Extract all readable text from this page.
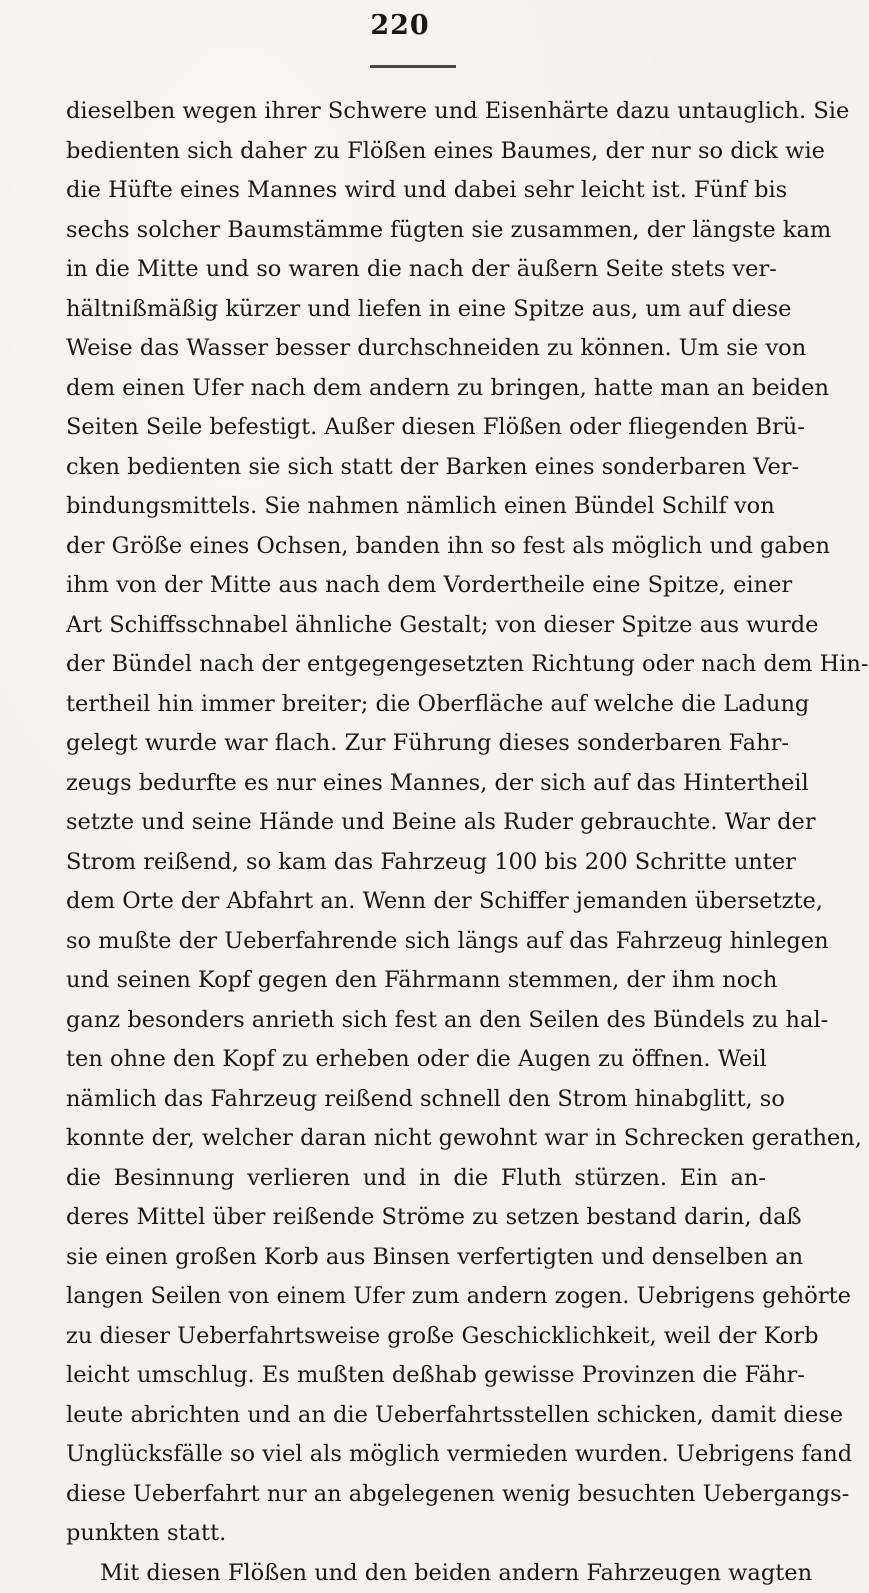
220
dieselben wegen ihrer Schwere und Eisenhärte dazu untauglich. Sie
bedienten sich daher zu Flößen eines Baumes, der nur so dick wie
die Hüfte eines Mannes wird und dabei sehr leicht ist. Fünf bis
sechs solcher Baumstämme fügten sie zusammen, der längste kam
in die Mitte und so waren die nach der äußern Seite stets ver-
hältnißmäßig kürzer und liefen in eine Spitze aus, um auf diese
Weise das Wasser besser durchschneiden zu können. Um sie von
dem einen Ufer nach dem andern zu bringen, hatte man an beiden
Seiten Seile befestigt. Außer diesen Flößen oder fliegenden Brü-
cken bedienten sie sich statt der Barken eines sonderbaren Ver-
bindungsmittels. Sie nahmen nämlich einen Bündel Schilf von
der Größe eines Ochsen, banden ihn so fest als möglich und gaben
ihm von der Mitte aus nach dem Vordertheile eine Spitze, einer
Art Schiffsschnabel ähnliche Gestalt; von dieser Spitze aus wurde
der Bündel nach der entgegengesetzten Richtung oder nach dem Hin-
tertheil hin immer breiter; die Oberfläche auf welche die Ladung
gelegt wurde war flach. Zur Führung dieses sonderbaren Fahr-
zeugs bedurfte es nur eines Mannes, der sich auf das Hintertheil
setzte und seine Hände und Beine als Ruder gebrauchte. War der
Strom reißend, so kam das Fahrzeug 100 bis 200 Schritte unter
dem Orte der Abfahrt an. Wenn der Schiffer jemanden übersetzte,
so mußte der Ueberfahrende sich längs auf das Fahrzeug hinlegen
und seinen Kopf gegen den Fährmann stemmen, der ihm noch
ganz besonders anrieth sich fest an den Seilen des Bündels zu hal-
ten ohne den Kopf zu erheben oder die Augen zu öffnen. Weil
nämlich das Fahrzeug reißend schnell den Strom hinabglitt, so
konnte der, welcher daran nicht gewohnt war in Schrecken gerathen,
die Besinnung verlieren und in die Fluth stürzen. Ein an-
deres Mittel über reißende Ströme zu setzen bestand darin, daß
sie einen großen Korb aus Binsen verfertigten und denselben an
langen Seilen von einem Ufer zum andern zogen. Uebrigens gehörte
zu dieser Ueberfahrtsweise große Geschicklichkeit, weil der Korb
leicht umschlug. Es mußten deßhab gewisse Provinzen die Fähr-
leute abrichten und an die Ueberfahrtsstellen schicken, damit diese
Unglücksfälle so viel als möglich vermieden wurden. Uebrigens fand
diese Ueberfahrt nur an abgelegenen wenig besuchten Uebergangs-
punkten statt.
Mit diesen Flößen und den beiden andern Fahrzeugen wagten
